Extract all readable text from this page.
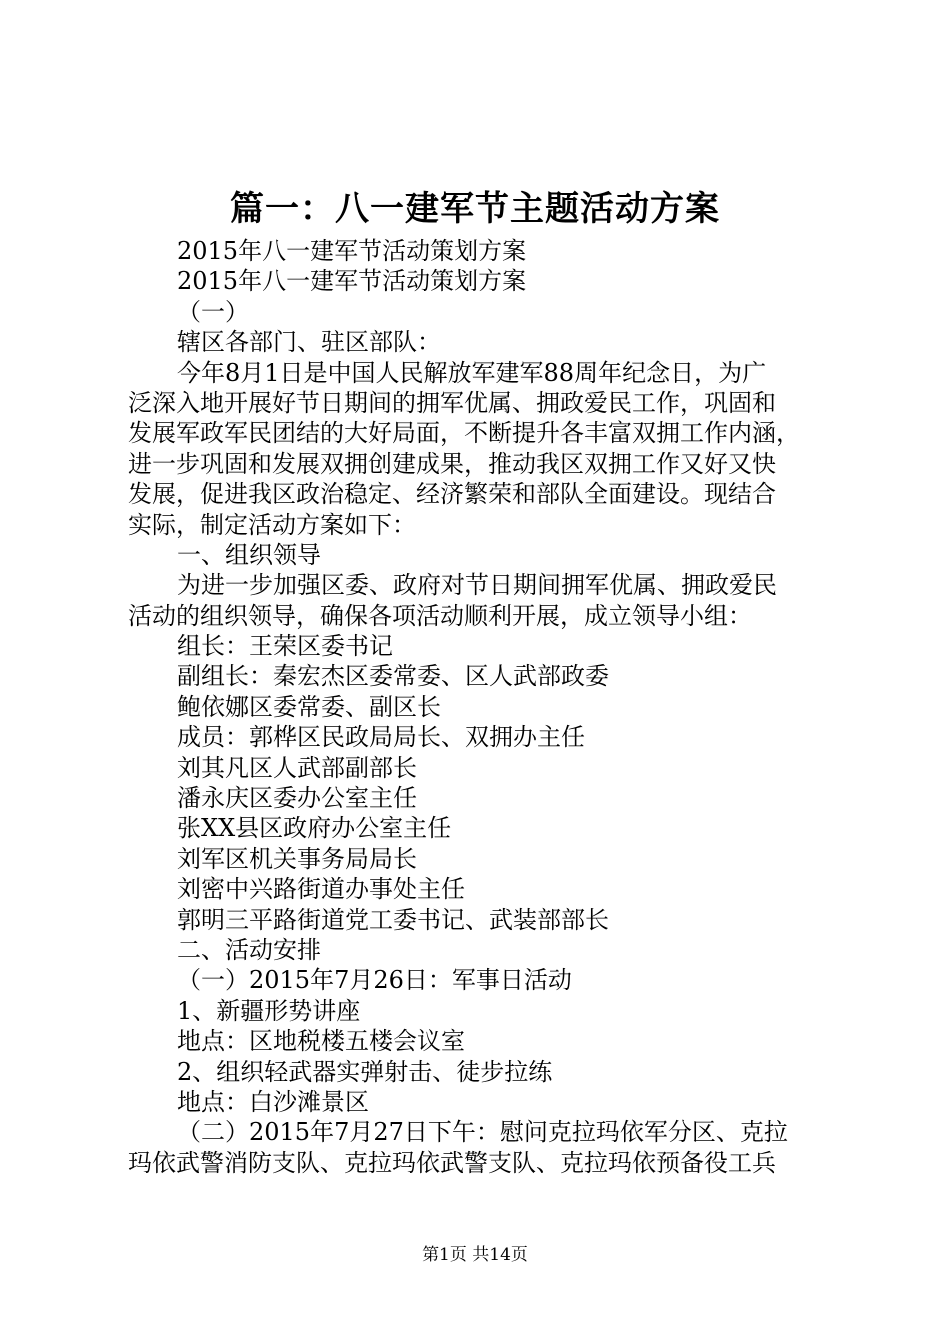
篇一：八一建军节主题活动方案
2015年八一建军节活动策划方案
2015年八一建军节活动策划方案
（一）
辖区各部门、驻区部队：
今年8月1日是中国人民解放军建军88周年纪念日，为广
泛深入地开展好节日期间的拥军优属、拥政爱民工作，巩固和
发展军政军民团结的大好局面，不断提升各丰富双拥工作内涵，
进一步巩固和发展双拥创建成果，推动我区双拥工作又好又快
发展，促进我区政治稳定、经济繁荣和部队全面建设。现结合
实际，制定活动方案如下：
一、组织领导
为进一步加强区委、政府对节日期间拥军优属、拥政爱民
活动的组织领导，确保各项活动顺利开展，成立领导小组：
组长：王荣区委书记
副组长：秦宏杰区委常委、区人武部政委
鲍依娜区委常委、副区长
成员：郭桦区民政局局长、双拥办主任
刘其凡区人武部副部长
潘永庆区委办公室主任
张XX县区政府办公室主任
刘军区机关事务局局长
刘密中兴路街道办事处主任
郭明三平路街道党工委书记、武装部部长
二、活动安排
（一）2015年7月26日：军事日活动
1、新疆形势讲座
地点：区地税楼五楼会议室
2、组织轻武器实弹射击、徒步拉练
地点：白沙滩景区
（二）2015年7月27日下午：慰问克拉玛依军分区、克拉
玛依武警消防支队、克拉玛依武警支队、克拉玛依预备役工兵
第1页 共14页
